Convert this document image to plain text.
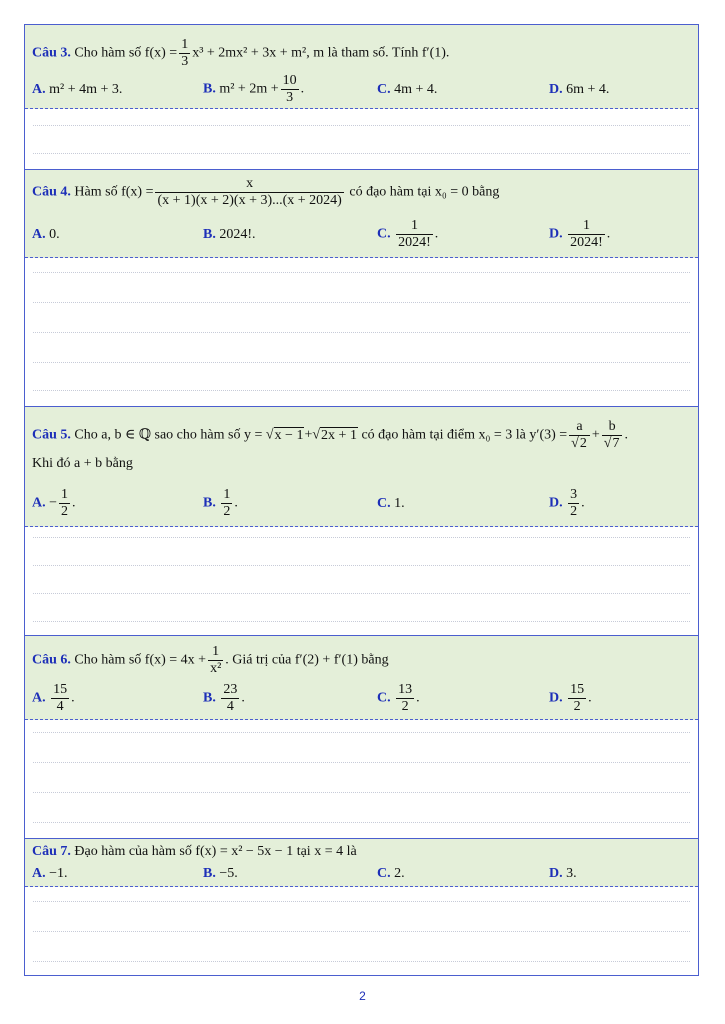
Câu 3. Cho hàm số $f(x) = \frac{1}{3} x^3 + 2mx^2 + 3x + m^2$, m là tham số. Tính f′(1).
A. m² + 4m + 3.	B. $m^2 + 2m + \frac{10}{3}$ .	C. 4m + 4.	D. 6m + 4.
Câu 4. Hàm số $f(x) = \frac{x}{(x + 1)(x + 2)(x + 3)...(x + 2024)}$ có đạo hàm tại x₀ = 0 bằng
A. 0.	B. 2024!.	C. $\frac{1}{2024!}$ .	D. $\frac{1}{2024!}$ .
Câu 5. Cho a, b ∈ ℚ sao cho hàm số y = √x − 1+√2x + 1 có đạo hàm tại điểm x₀ = 3 là $y'(3) = \frac{a}{√2} + \frac{b}{√7}$ .
Khi đó a + b bằng
A. − $\frac{1}{2}$ .	B. $\frac{1}{2}$ .	C. 1.	D. $\frac{3}{2}$ .
Câu 6. Cho hàm số $f(x) = 4x + \frac{1}{\text{x²}}$ . Giá trị của f′(2) + f′(1) bằng
A. $\frac{15}{4}$ .	B. $\frac{23}{4}$ .	C. $\frac{13}{2}$ .	D. $\frac{15}{2}$ .
Câu 7. Đạo hàm của hàm số f(x) = x² − 5x − 1 tại x = 4 là
A. −1.	B. −5.	C. 2.	D. 3.
2
